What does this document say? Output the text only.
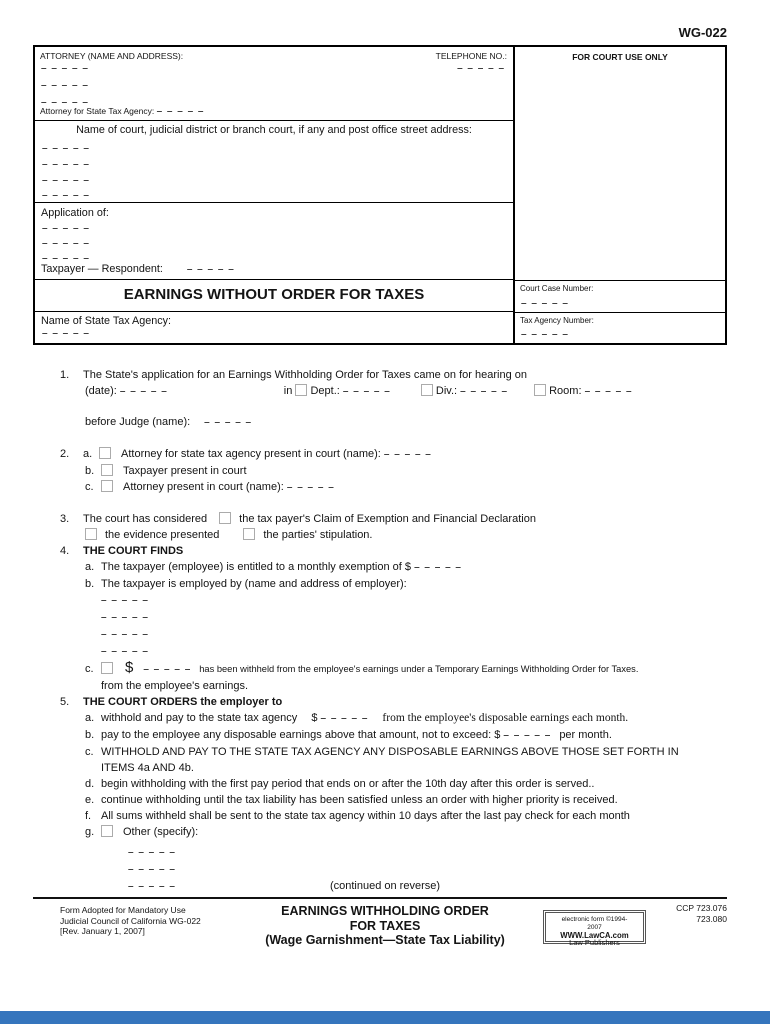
WG-022
ATTORNEY (NAME AND ADDRESS):	TELEPHONE NO.:
– – – – –
– – – – –
– – – – –
– – – – –
Attorney for State Tax Agency: – – – – –
Name of court, judicial district or branch court, if any and post office street address:
– – – – –
– – – – –
– – – – –
– – – – –
Application of:
– – – – –
– – – – –
– – – – –
Taxpayer — Respondent: – – – – –
EARNINGS WITHOUT ORDER FOR TAXES
Name of State Tax Agency:
– – – – –
FOR COURT USE ONLY
Court Case Number:
– – – – –
Tax Agency Number:
– – – – –
1. The State's application for an Earnings Withholding Order for Taxes came on for hearing on
(date): – – – – –	in Dept.: – – – – –	Div.: – – – – –	Room: – – – – –
before Judge (name): – – – – –
2. a.	Attorney for state tax agency present in court (name): – – – – –
b.	Taxpayer present in court
c.	Attorney present in court (name): – – – – –
3. The court has considered	the tax payer's Claim of Exemption and Financial Declaration
the evidence presented	the parties' stipulation.
4. THE COURT FINDS
a. The taxpayer (employee) is entitled to a monthly exemption of $ – – – – –
b. The taxpayer is employed by (name and address of employer):
– – – – –
– – – – –
– – – – –
– – – – –
c. $ – – – – – has been withheld from the employee's earnings under a Temporary Earnings Withholding Order for Taxes.
from the employee's earnings.
5. THE COURT ORDERS the employer to
a. withhold and pay to the state tax agency $ – – – – – from the employee's disposable earnings each month.
b. pay to the employee any disposable earnings above that amount, not to exceed: $ – – – – – per month.
c. WITHHOLD AND PAY TO THE STATE TAX AGENCY ANY DISPOSABLE EARNINGS ABOVE THOSE SET FORTH IN
ITEMS 4a AND 4b.
d. begin withholding with the first pay period that ends on or after the 10th day after this order is served..
e. continue withholding until the tax liability has been satisfied unless an order with higher priority is received.
f. All sums withheld shall be sent to the state tax agency within 10 days after the last pay check for each month
g.	Other (specify):
– – – – –
– – – – –
– – – – –	(continued on reverse)
Form Adopted for Mandatory Use
Judicial Council of California WG-022
[Rev. January 1, 2007]
EARNINGS WITHHOLDING ORDER
FOR TAXES
(Wage Garnishment—State Tax Liability)
electronic form ©1994-
2007
WWW.LawCA.com
Law Publishers
CCP 723.076
723.080
